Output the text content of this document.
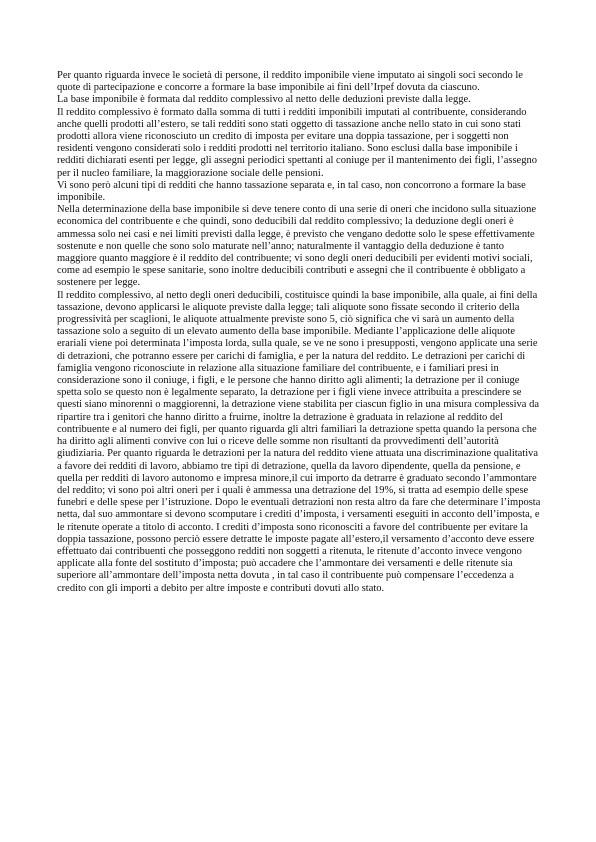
Per quanto riguarda invece le società di persone, il reddito imponibile viene imputato ai singoli soci secondo le quote di partecipazione e concorre a formare la base imponibile ai fini dell’Irpef dovuta da ciascuno.

La base imponibile è formata dal reddito complessivo al netto delle deduzioni previste dalla legge.

Il reddito complessivo è formato dalla somma di tutti i redditi imponibili imputati al contribuente, considerando anche quelli prodotti all’estero, se tali redditi sono stati oggetto di tassazione anche nello stato in cui sono stati prodotti allora viene riconosciuto un credito di imposta per evitare una doppia tassazione, per i soggetti non residenti vengono considerati solo i redditi prodotti nel territorio italiano. Sono esclusi dalla base imponibile i redditi dichiarati esenti per legge, gli assegni periodici spettanti al coniuge per il mantenimento dei figli, l’assegno per il nucleo familiare, la maggiorazione sociale delle pensioni.

Vi sono però alcuni tipi di redditi che hanno tassazione separata e, in tal caso, non concorrono a formare la base imponibile.

Nella determinazione della base imponibile si deve tenere conto di una serie di oneri che incidono sulla situazione economica del contribuente e che quindi, sono deducibili dal reddito complessivo; la deduzione degli oneri è ammessa solo nei casi e nei limiti previsti dalla legge, è previsto che vengano dedotte solo le spese effettivamente sostenute e non quelle che sono solo maturate nell’anno; naturalmente il vantaggio della deduzione è tanto maggiore quanto maggiore è il reddito del contribuente; vi sono degli oneri deducibili per evidenti motivi sociali, come ad esempio le spese sanitarie, sono inoltre deducibili contributi e assegni che il contribuente è obbligato a sostenere per legge.

Il reddito complessivo, al netto degli oneri deducibili, costituisce quindi la base imponibile, alla quale, ai fini della tassazione, devono applicarsi le aliquote previste dalla legge; tali aliquote sono fissate secondo il criterio della progressività per scaglioni, le aliquote attualmente previste sono 5, ciò significa che vi sarà un aumento della tassazione solo a seguito di un elevato aumento della base imponibile. Mediante l’applicazione delle aliquote erariali viene poi determinata l’imposta lorda, sulla quale, se ve ne sono i presupposti, vengono applicate una serie di detrazioni, che potranno essere per carichi di famiglia, e per la natura del reddito. Le detrazioni per carichi di famiglia vengono riconosciute in relazione alla situazione familiare del contribuente, e i familiari presi in considerazione sono il coniuge, i figli, e le persone che hanno diritto agli alimenti; la detrazione per il coniuge spetta solo se questo non è legalmente separato, la detrazione per i figli viene invece attribuita a prescindere se questi siano minorenni o maggiorenni, la detrazione viene stabilita per ciascun figlio in una misura complessiva da ripartire tra i genitori che hanno diritto a fruirne, inoltre la detrazione è graduata in relazione al reddito del contribuente e al numero dei figli, per quanto riguarda gli altri familiari la detrazione spetta quando la persona che ha diritto agli alimenti convive con lui o riceve delle somme non risultanti da provvedimenti dell’autorità giudiziaria. Per quanto riguarda le detrazioni per la natura del reddito viene attuata una discriminazione qualitativa a favore dei redditi di lavoro, abbiamo tre tipi di detrazione, quella da lavoro dipendente, quella da pensione, e quella per redditi di lavoro autonomo e impresa minore,il cui importo da detrarre è graduato secondo l’ammontare del reddito; vi sono poi altri oneri per i quali è ammessa una detrazione del 19%, si tratta ad esempio delle spese funebri e delle spese per l’istruzione. Dopo le eventuali detrazioni non resta altro da fare che determinare l’imposta netta, dal suo ammontare si devono scomputare i crediti d’imposta, i versamenti eseguiti in acconto dell’imposta, e le ritenute operate a titolo di acconto. I crediti d’imposta sono riconosciti a favore del contribuente per evitare la doppia tassazione, possono perciò essere detratte le imposte pagate all’estero,il versamento d’acconto deve essere effettuato dai contribuenti che posseggono redditi non soggetti a ritenuta, le ritenute d’acconto invece vengono applicate alla fonte del sostituto d’imposta; può accadere che l’ammontare dei versamenti e delle ritenute sia superiore all’ammontare dell’imposta netta dovuta , in tal caso il contribuente può compensare l’eccedenza a credito con gli importi a debito per altre imposte e contributi dovuti allo stato.
